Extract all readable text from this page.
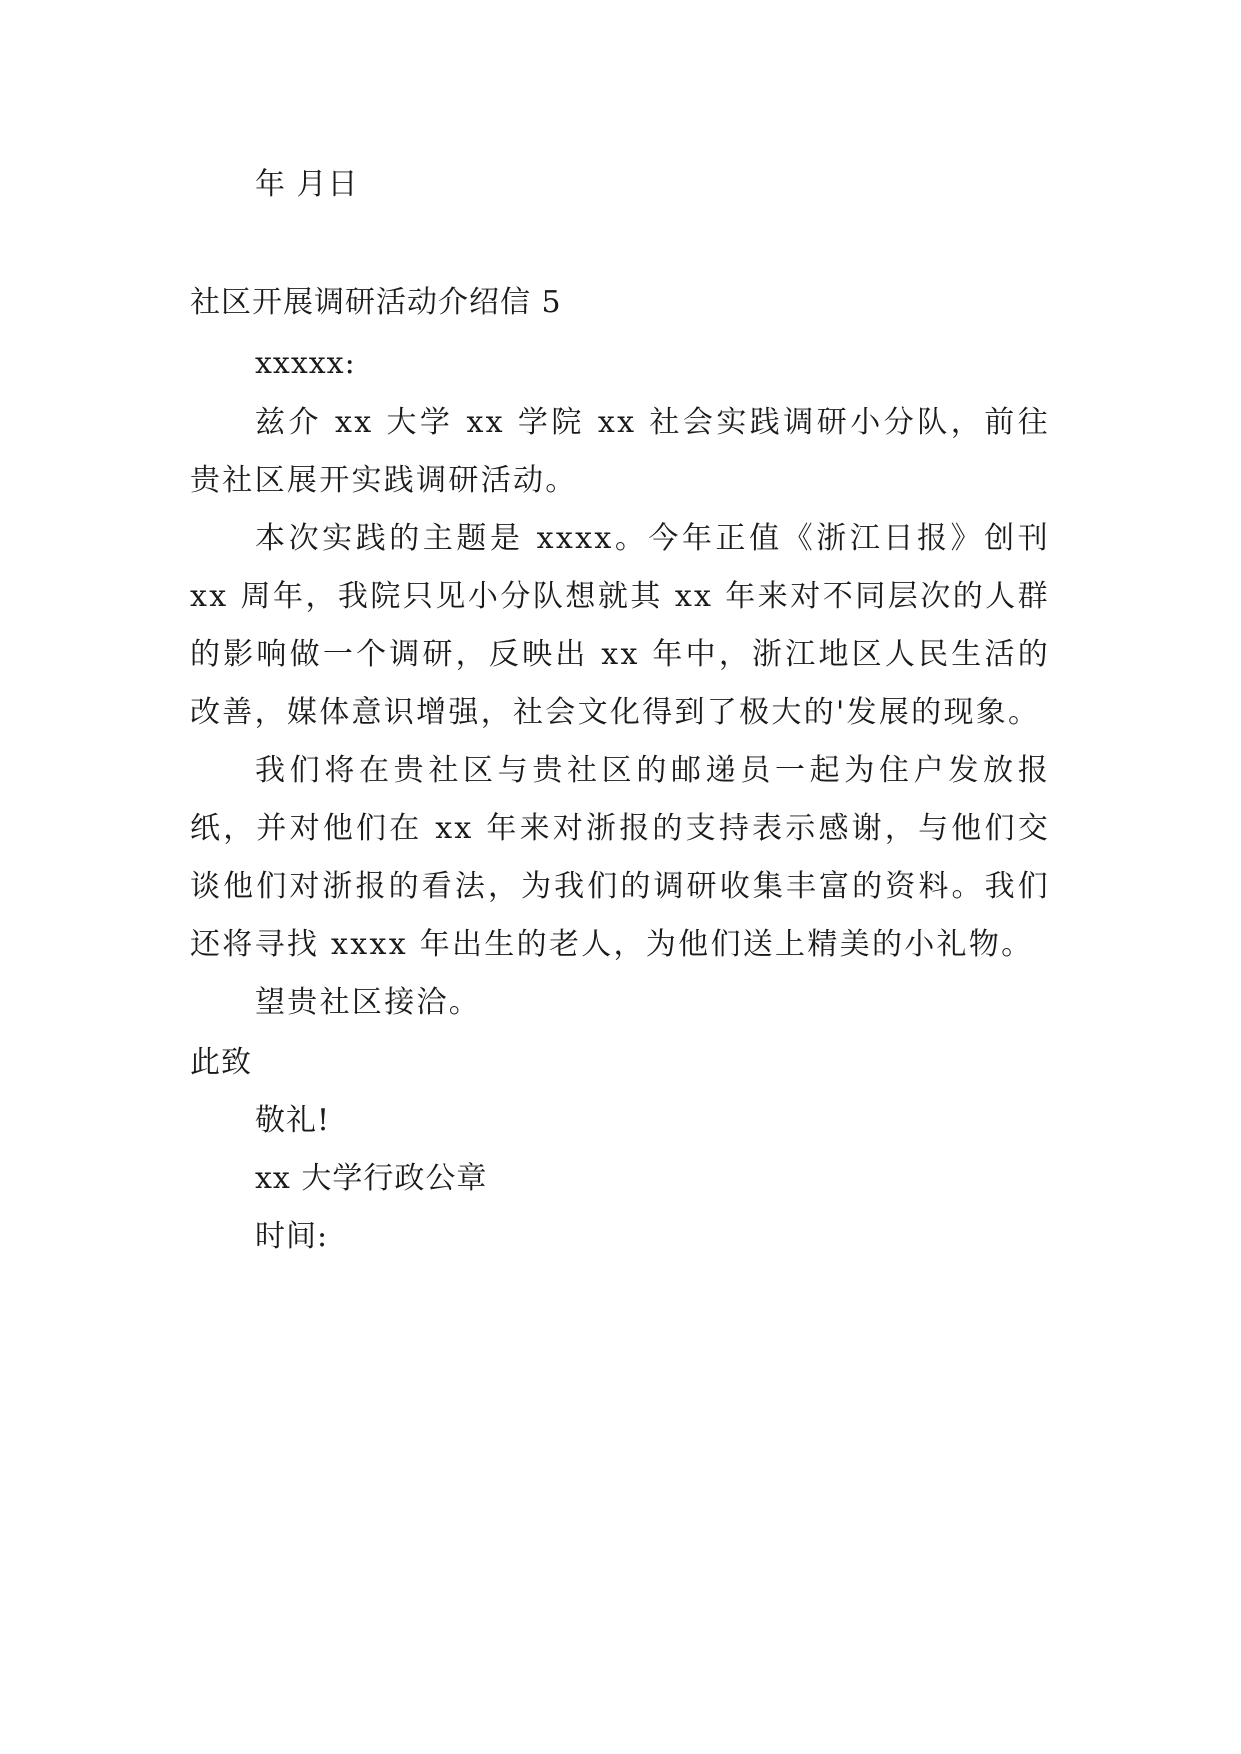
年 月日
社区开展调研活动介绍信 5
xxxxx:

兹介 xx 大学 xx 学院 xx 社会实践调研小分队，前往贵社区展开实践调研活动。

本次实践的主题是 xxxx。今年正值《浙江日报》创刊 xx 周年，我院只见小分队想就其 xx 年来对不同层次的人群的影响做一个调研，反映出 xx 年中，浙江地区人民生活的改善，媒体意识增强，社会文化得到了极大的'发展的现象。

我们将在贵社区与贵社区的邮递员一起为住户发放报纸，并对他们在 xx 年来对浙报的支持表示感谢，与他们交谈他们对浙报的看法，为我们的调研收集丰富的资料。我们还将寻找 xxxx 年出生的老人，为他们送上精美的小礼物。

望贵社区接洽。

此致
敬礼!
xx 大学行政公章
时间:
